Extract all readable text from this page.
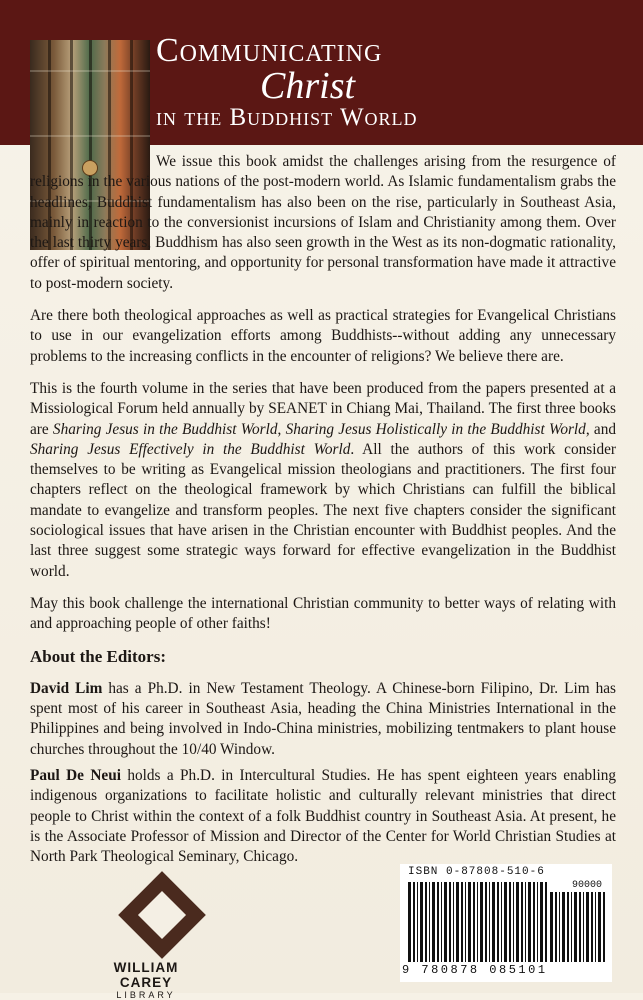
Communicating
Christ
in the Buddhist World

We issue this book amidst the challenges arising from the resurgence of religions in the various nations of the post-modern world. As Islamic fundamentalism grabs the headlines, Buddhist fundamentalism has also been on the rise, particularly in Southeast Asia, mainly in reaction to the conversionist incursions of Islam and Christianity among them. Over the last thirty years, Buddhism has also seen growth in the West as its non-dogmatic rationality, offer of spiritual mentoring, and opportunity for personal transformation have made it attractive to post-modern society.

Are there both theological approaches as well as practical strategies for Evangelical Christians to use in our evangelization efforts among Buddhists--without adding any unnecessary problems to the increasing conflicts in the encounter of religions? We believe there are.

This is the fourth volume in the series that have been produced from the papers presented at a Missiological Forum held annually by SEANET in Chiang Mai, Thailand. The first three books are Sharing Jesus in the Buddhist World, Sharing Jesus Holistically in the Buddhist World, and Sharing Jesus Effectively in the Buddhist World. All the authors of this work consider themselves to be writing as Evangelical mission theologians and practitioners. The first four chapters reflect on the theological framework by which Christians can fulfill the biblical mandate to evangelize and transform peoples. The next five chapters consider the significant sociological issues that have arisen in the Christian encounter with Buddhist peoples. And the last three suggest some strategic ways forward for effective evangelization in the Buddhist world.

May this book challenge the international Christian community to better ways of relating with and approaching people of other faiths!

About the Editors:

David Lim has a Ph.D. in New Testament Theology. A Chinese-born Filipino, Dr. Lim has spent most of his career in Southeast Asia, heading the China Ministries International in the Philippines and being involved in Indo-China ministries, mobilizing tentmakers to plant house churches throughout the 10/40 Window.

Paul De Neui holds a Ph.D. in Intercultural Studies. He has spent eighteen years enabling indigenous organizations to facilitate holistic and culturally relevant ministries that direct people to Christ within the context of a folk Buddhist country in Southeast Asia. At present, he is the Associate Professor of Mission and Director of the Center for World Christian Studies at North Park Theological Seminary, Chicago.

WILLIAM CAREY
LIBRARY
ISBN 0-87808-510-6
90000
9 780878 085101
